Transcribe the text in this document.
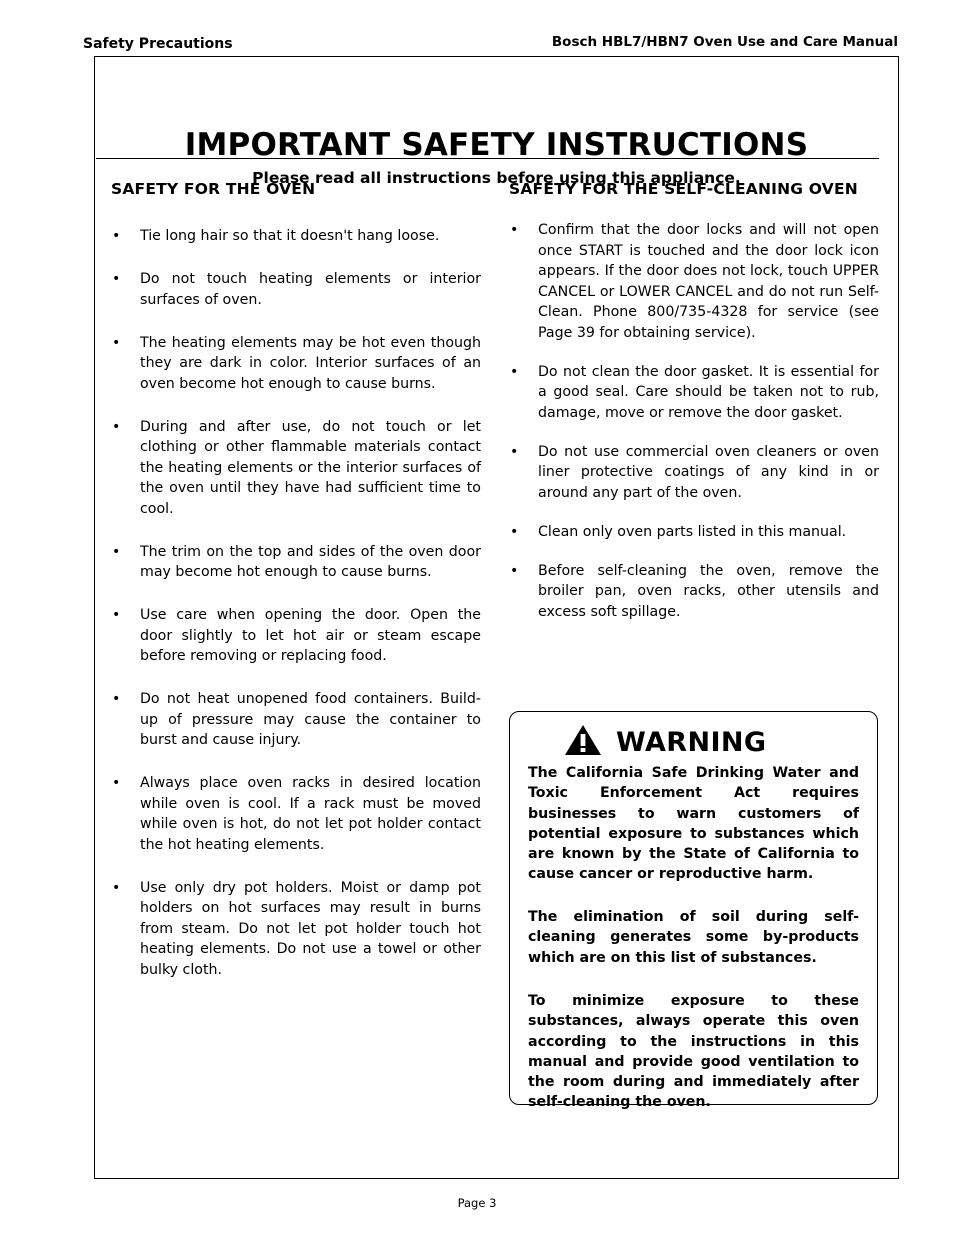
Safety Precautions	Bosch HBL7/HBN7 Oven Use and Care Manual
IMPORTANT SAFETY INSTRUCTIONS
Please read all instructions before using this appliance.
SAFETY FOR THE OVEN	SAFETY FOR THE SELF-CLEANING OVEN
• Tie long hair so that it doesn't hang loose.
• Do not touch heating elements or interior surfaces of oven.
• The heating elements may be hot even though they are dark in color. Interior surfaces of an oven become hot enough to cause burns.
• During and after use, do not touch or let clothing or other flammable materials contact the heating elements or the interior surfaces of the oven until they have had sufficient time to cool.
• The trim on the top and sides of the oven door may become hot enough to cause burns.
• Use care when opening the door. Open the door slightly to let hot air or steam escape before removing or replacing food.
• Do not heat unopened food containers. Build-up of pressure may cause the container to burst and cause injury.
• Always place oven racks in desired location while oven is cool. If a rack must be moved while oven is hot, do not let pot holder contact the hot heating elements.
• Use only dry pot holders. Moist or damp pot holders on hot surfaces may result in burns from steam. Do not let pot holder touch hot heating elements. Do not use a towel or other bulky cloth.
• Confirm that the door locks and will not open once START is touched and the door lock icon appears. If the door does not lock, touch UPPER CANCEL or LOWER CANCEL and do not run Self-Clean. Phone 800/735-4328 for service (see Page 39 for obtaining service).
• Do not clean the door gasket. It is essential for a good seal. Care should be taken not to rub, damage, move or remove the door gasket.
• Do not use commercial oven cleaners or oven liner protective coatings of any kind in or around any part of the oven.
• Clean only oven parts listed in this manual.
• Before self-cleaning the oven, remove the broiler pan, oven racks, other utensils and excess soft spillage.
WARNING
The California Safe Drinking Water and Toxic Enforcement Act requires businesses to warn customers of potential exposure to substances which are known by the State of California to cause cancer or reproductive harm.
The elimination of soil during self-cleaning generates some by-products which are on this list of substances.
To minimize exposure to these substances, always operate this oven according to the instructions in this manual and provide good ventilation to the room during and immediately after self-cleaning the oven.
Page 3
